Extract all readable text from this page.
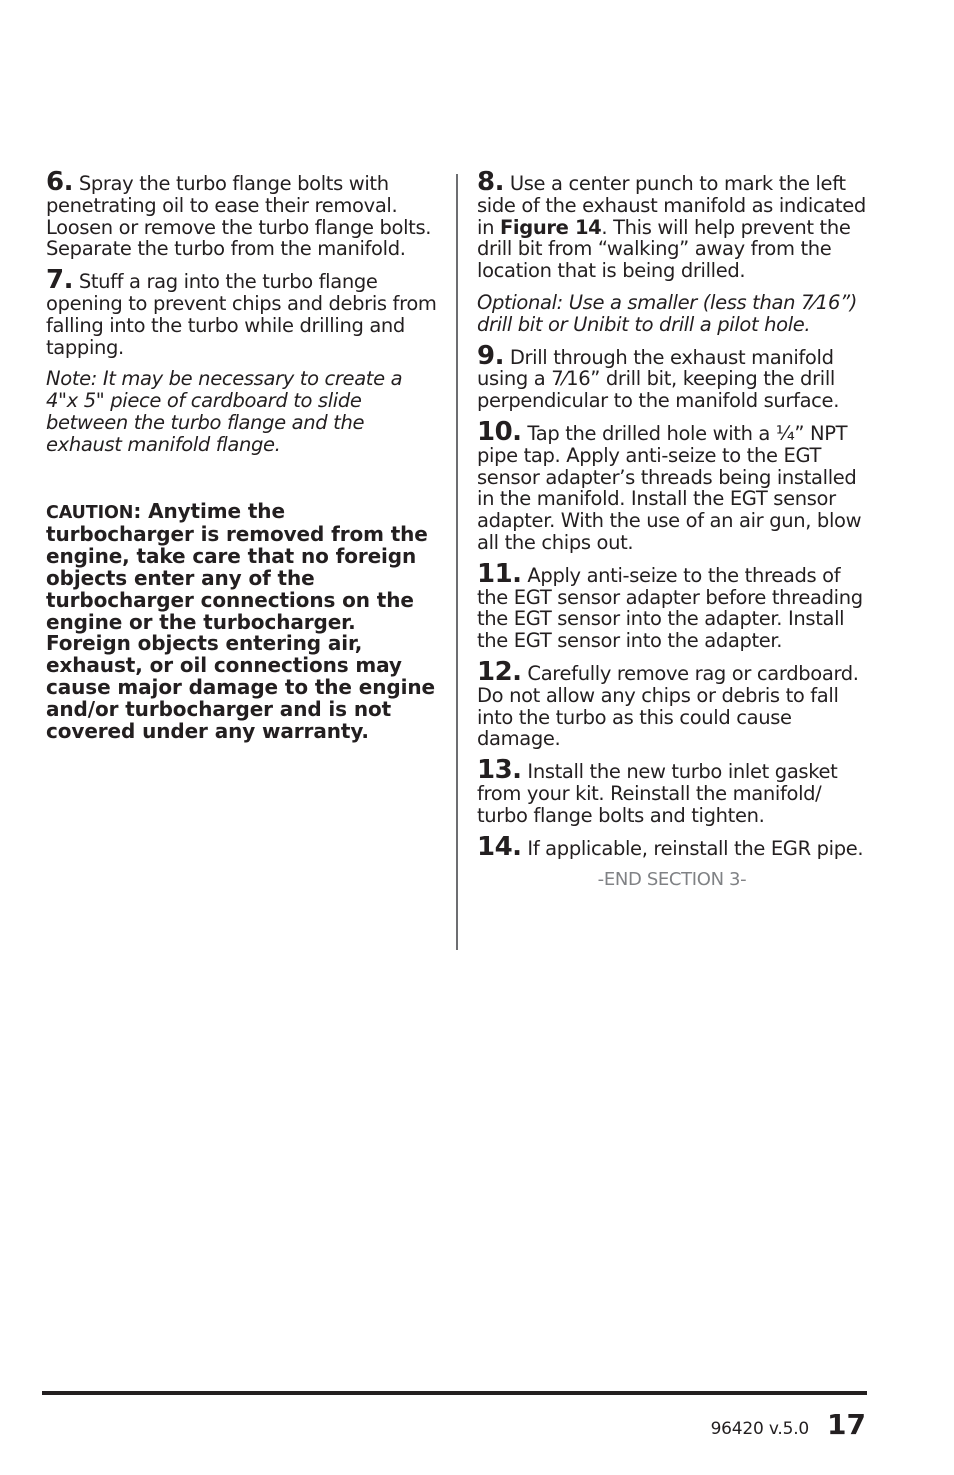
6. Spray the turbo flange bolts with penetrating oil to ease their removal. Loosen or remove the turbo flange bolts. Separate the turbo from the manifold.

7. Stuff a rag into the turbo flange opening to prevent chips and debris from falling into the turbo while drilling and tapping.

Note: It may be necessary to create a 4"x 5" piece of cardboard to slide between the turbo flange and the exhaust manifold flange.

CAUTION: Anytime the turbocharger is removed from the engine, take care that no foreign objects enter any of the turbocharger connections on the engine or the turbocharger. Foreign objects entering air, exhaust, or oil connections may cause major damage to the engine and/or turbocharger and is not covered under any warranty.

8. Use a center punch to mark the left side of the exhaust manifold as indicated in Figure 14. This will help prevent the drill bit from “walking” away from the location that is being drilled.

Optional: Use a smaller (less than 7⁄16”) drill bit or Unibit to drill a pilot hole.

9. Drill through the exhaust manifold using a 7⁄16” drill bit, keeping the drill perpendicular to the manifold surface.

10. Tap the drilled hole with a ¼” NPT pipe tap. Apply anti-seize to the EGT sensor adapter’s threads being installed in the manifold. Install the EGT sensor adapter. With the use of an air gun, blow all the chips out.

11. Apply anti-seize to the threads of the EGT sensor adapter before threading the EGT sensor into the adapter. Install the EGT sensor into the adapter.

12. Carefully remove rag or cardboard. Do not allow any chips or debris to fall into the turbo as this could cause damage.

13. Install the new turbo inlet gasket from your kit. Reinstall the manifold/ turbo flange bolts and tighten.

14. If applicable, reinstall the EGR pipe.

-END SECTION 3-
96420 v.5.0 17
